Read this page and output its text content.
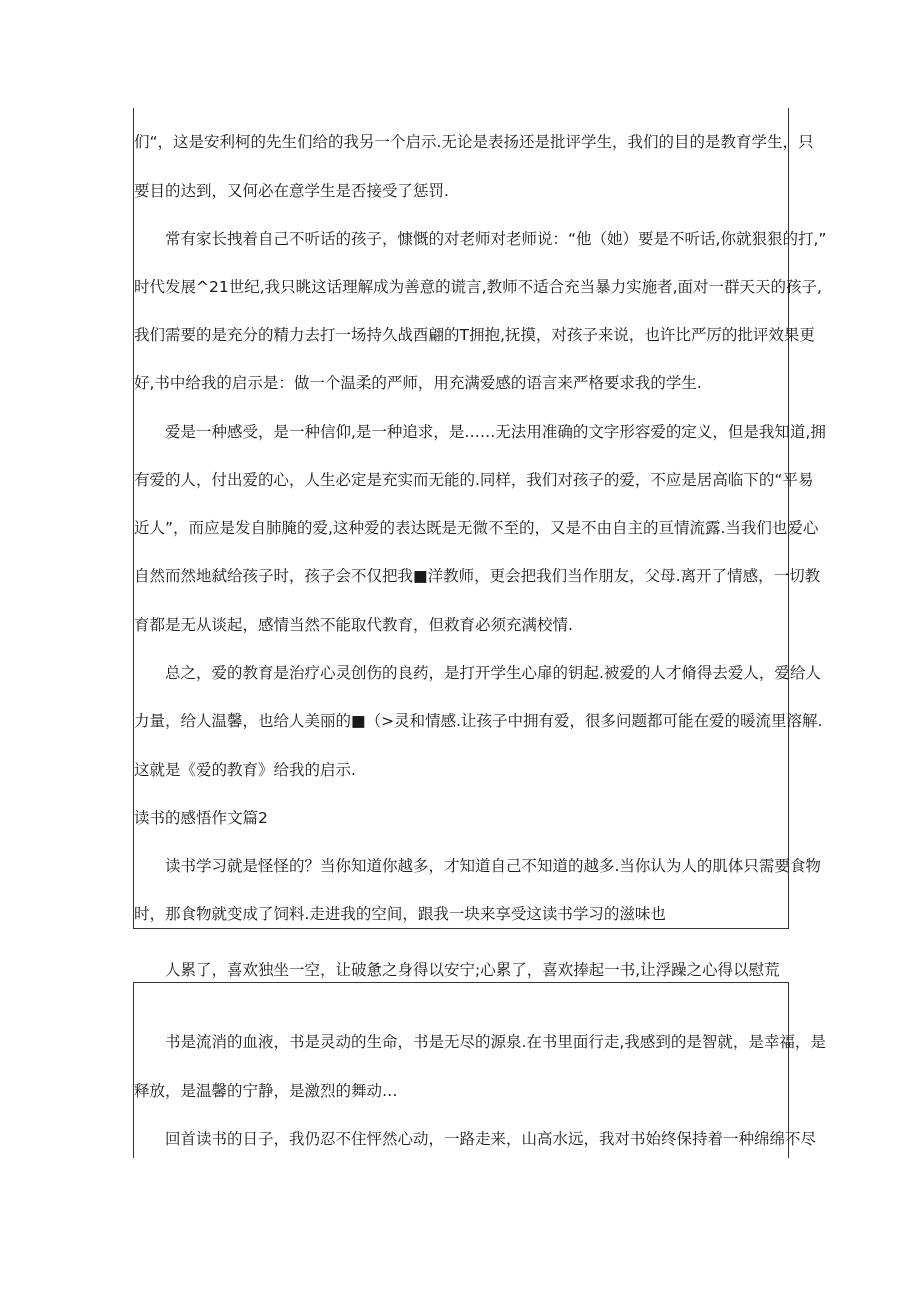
们“，这是安利柯的先生们给的我另一个启示.无论是表扬还是批评学生，我们的目的是教育学生，只

要目的达到，又何必在意学生是否接受了惩罚.

常有家长拽着自己不听话的孩子，慷慨的对老师对老师说：“他（她）要是不听话,你就狠狠的打,”

时代发展^21世纪,我只眺这话理解成为善意的谎言,教师不适合充当暴力实施者,面对一群天天的孩子,

我们需要的是充分的精力去打一场持久战酉翩的T拥抱,抚摸，对孩子来说，也许比严厉的批评效果更

好,书中给我的启示是：做一个温柔的严师，用充满爱感的语言来严格要求我的学生.

爱是一种感受，是一种信仰,是一种追求，是……无法用准确的文字形容爱的定义，但是我知道,拥

有爱的人，付出爱的心，人生必定是充实而无能的.同样，我们对孩子的爱，不应是居高临下的“平易

近人”，而应是发自肺腌的爱,这种爱的表达既是无微不至的，又是不由自主的亘情流露.当我们也爱心

自然而然地弑给孩子时，孩子会不仅把我■洋教师，更会把我们当作朋友，父母.离开了情感，一切教

育都是无从谈起，感情当然不能取代教育，但救育必须充满校情.

总之，爱的教育是治疗心灵创伤的良药，是打开学生心扉的钥起.被爱的人才脩得去爱人，爱给人

力量，给人温馨，也给人美丽的■（>灵和情感.让孩子中拥有爱，很多问题都可能在爱的暖流里溶解.

这就是《爱的教育》给我的启示.

读书的感悟作文篇2

读书学习就是怪怪的？当你知道你越多，才知道自己不知道的越多.当你认为人的肌体只需要食物

时，那食物就变成了饲料.走进我的空间，跟我一块来享受这读书学习的滋味也

人累了，喜欢独坐一空，让破惫之身得以安宁;心累了，喜欢捧起一书,让浮躁之心得以慰荒

书是流消的血液，书是灵动的生命，书是无尽的源泉.在书里面行走,我感到的是智就，是幸福，是

释放，是温馨的宁静，是激烈的舞动…

回首读书的日子，我仍忍不住怦然心动，一路走来，山高水远，我对书始终保持着一种绵绵不尽
